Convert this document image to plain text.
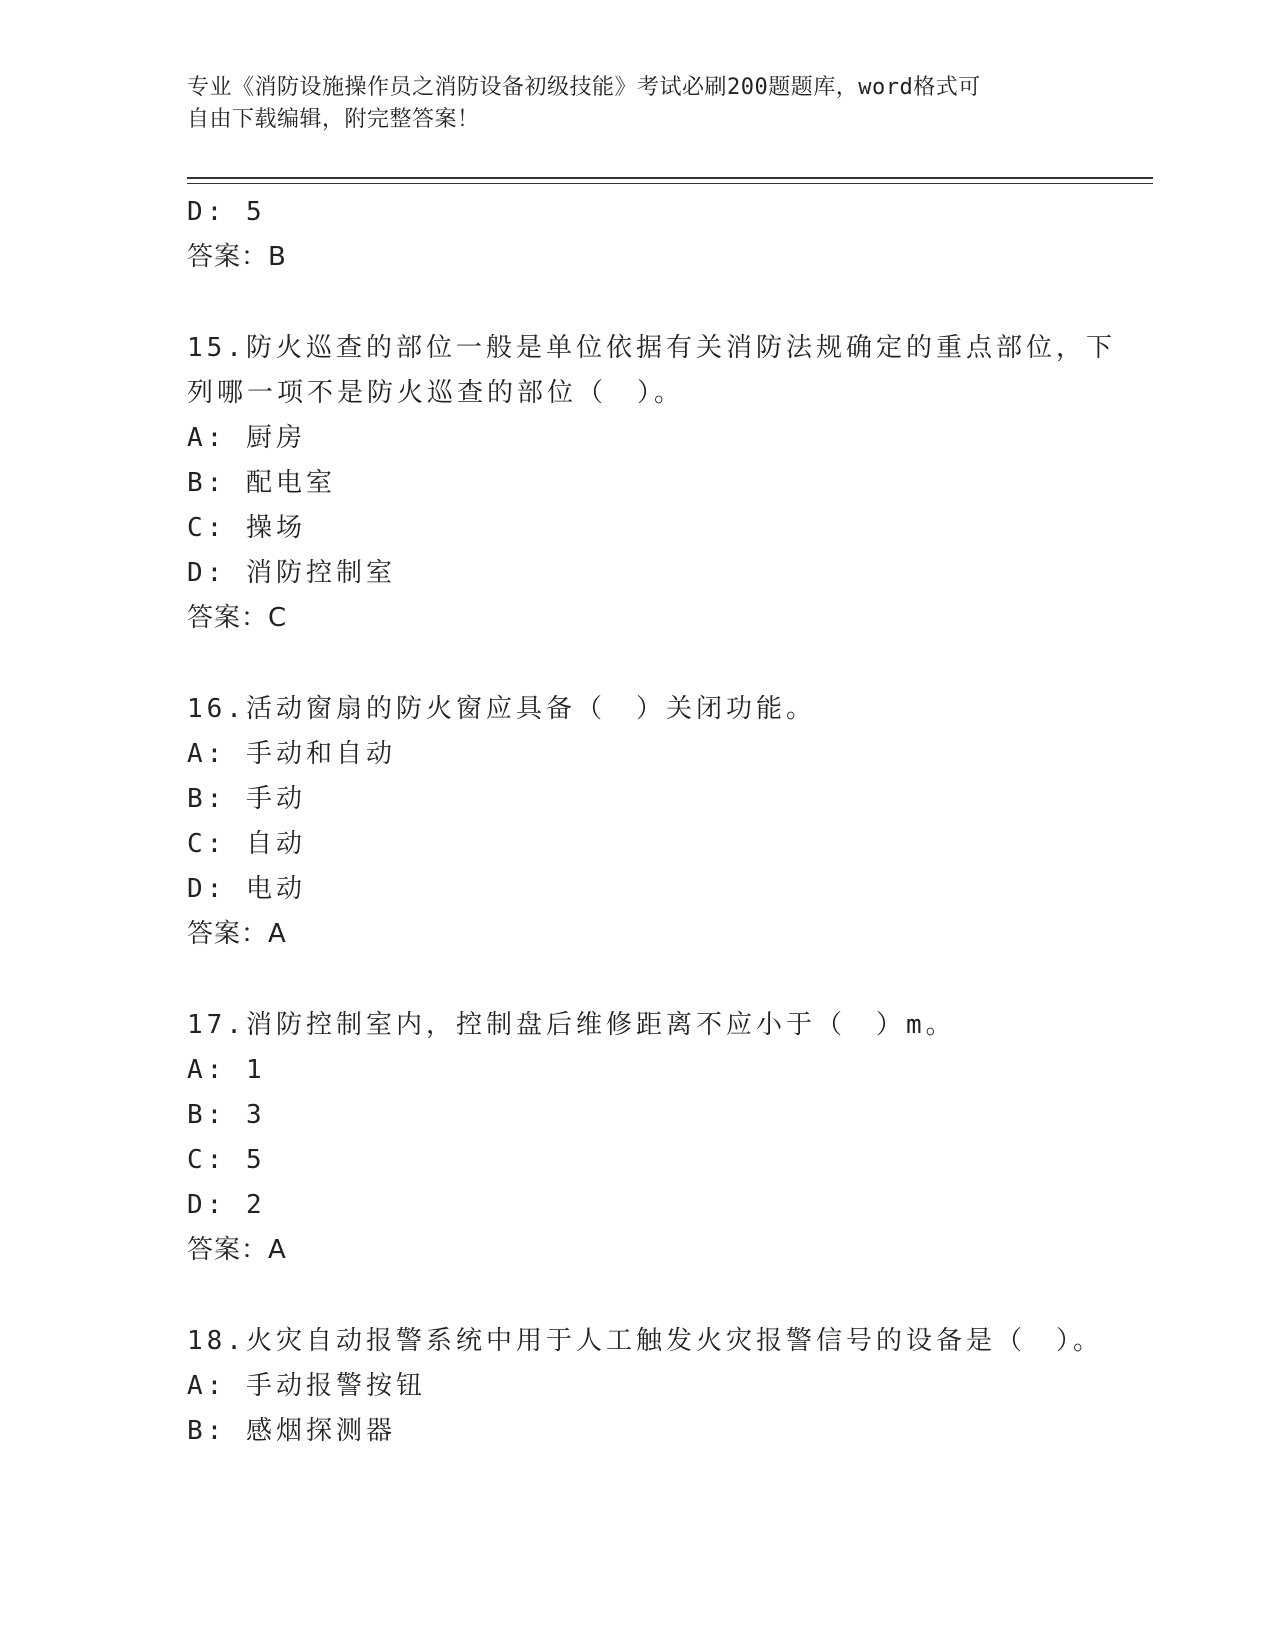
专业《消防设施操作员之消防设备初级技能》考试必刷200题题库，word格式可
自由下载编辑，附完整答案！
D: 5
答案：B
15.防火巡查的部位一般是单位依据有关消防法规确定的重点部位，下
列哪一项不是防火巡查的部位（　）。
A: 厨房
B: 配电室
C: 操场
D: 消防控制室
答案：C
16.活动窗扇的防火窗应具备（　）关闭功能。
A: 手动和自动
B: 手动
C: 自动
D: 电动
答案：A
17.消防控制室内，控制盘后维修距离不应小于（　）m。
A: 1
B: 3
C: 5
D: 2
答案：A
18.火灾自动报警系统中用于人工触发火灾报警信号的设备是（　）。
A: 手动报警按钮
B: 感烟探测器
